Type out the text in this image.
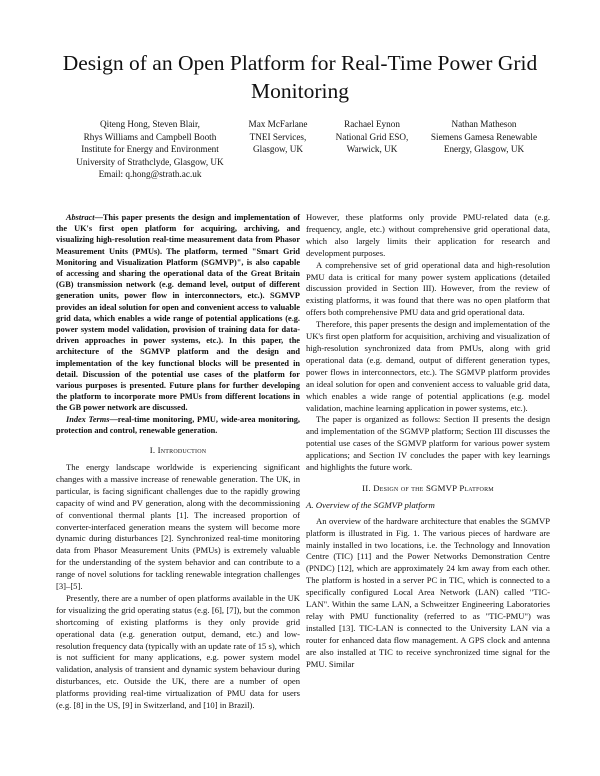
Design of an Open Platform for Real-Time Power Grid Monitoring
Qiteng Hong, Steven Blair,
Rhys Williams and Campbell Booth
Institute for Energy and Environment
University of Strathclyde, Glasgow, UK
Email: q.hong@strath.ac.uk
Max McFarlane
TNEI Services,
Glasgow, UK
Rachael Eynon
National Grid ESO,
Warwick, UK
Nathan Matheson
Siemens Gamesa Renewable
Energy, Glasgow, UK

Abstract—This paper presents the design and implementation of the UK's first open platform for acquiring, archiving, and visualizing high-resolution real-time measurement data from Phasor Measurement Units (PMUs). The platform, termed "Smart Grid Monitoring and Visualization Platform (SGMVP)", is also capable of accessing and sharing the operational data of the Great Britain (GB) transmission network (e.g. demand level, output of different generation units, power flow in interconnectors, etc.). SGMVP provides an ideal solution for open and convenient access to valuable grid data, which enables a wide range of potential applications (e.g. power system model validation, provision of training data for data-driven approaches in power systems, etc.). In this paper, the architecture of the SGMVP platform and the design and implementation of the key functional blocks will be presented in detail. Discussion of the potential use cases of the platform for various purposes is presented. Future plans for further developing the platform to incorporate more PMUs from different locations in the GB power network are discussed.

Index Terms—real-time monitoring, PMU, wide-area monitoring, protection and control, renewable generation.

I. Introduction

The energy landscape worldwide is experiencing significant changes with a massive increase of renewable generation. The UK, in particular, is facing significant challenges due to the rapidly growing capacity of wind and PV generation, along with the decommissioning of conventional thermal plants [1]. The increased proportion of converter-interfaced generation means the system will become more dynamic during disturbances [2]. Synchronized real-time monitoring data from Phasor Measurement Units (PMUs) is extremely valuable for the understanding of the system behavior and can contribute to a range of novel solutions for tackling renewable integration challenges [3]–[5].

Presently, there are a number of open platforms available in the UK for visualizing the grid operating status (e.g. [6], [7]), but the common shortcoming of existing platforms is they only provide grid operational data (e.g. generation output, demand, etc.) and low-resolution frequency data (typically with an update rate of 15 s), which is not sufficient for many applications, e.g. power system model validation, analysis of transient and dynamic system behaviour during disturbances, etc. Outside the UK, there are a number of open platforms providing real-time virtualization of PMU data for users (e.g. [8] in the US, [9] in Switzerland, and [10] in Brazil).

However, these platforms only provide PMU-related data (e.g. frequency, angle, etc.) without comprehensive grid operational data, which also largely limits their application for research and development purposes.

A comprehensive set of grid operational data and high-resolution PMU data is critical for many power system applications (detailed discussion provided in Section III). However, from the review of existing platforms, it was found that there was no open platform that offers both comprehensive PMU data and grid operational data.

Therefore, this paper presents the design and implementation of the UK's first open platform for acquisition, archiving and visualization of high-resolution synchronized data from PMUs, along with grid operational data (e.g. demand, output of different generation types, power flows in interconnectors, etc.). The SGMVP platform provides an ideal solution for open and convenient access to valuable grid data, which enables a wide range of potential applications (e.g. model validation, machine learning application in power systems, etc.).

The paper is organized as follows: Section II presents the design and implementation of the SGMVP platform; Section III discusses the potential use cases of the SGMVP platform for various power system applications; and Section IV concludes the paper with key learnings and highlights the future work.

II. Design of the SGMVP Platform
A. Overview of the SGMVP platform

An overview of the hardware architecture that enables the SGMVP platform is illustrated in Fig. 1. The various pieces of hardware are mainly installed in two locations, i.e. the Technology and Innovation Centre (TIC) [11] and the Power Networks Demonstration Centre (PNDC) [12], which are approximately 24 km away from each other. The platform is hosted in a server PC in TIC, which is connected to a specifically configured Local Area Network (LAN) called "TIC-LAN". Within the same LAN, a Schweitzer Engineering Laboratories relay with PMU functionality (referred to as "TIC-PMU") was installed [13]. TIC-LAN is connected to the University LAN via a router for enhanced data flow management. A GPS clock and antenna are also installed at TIC to receive synchronized time signal for the PMU. Similar
